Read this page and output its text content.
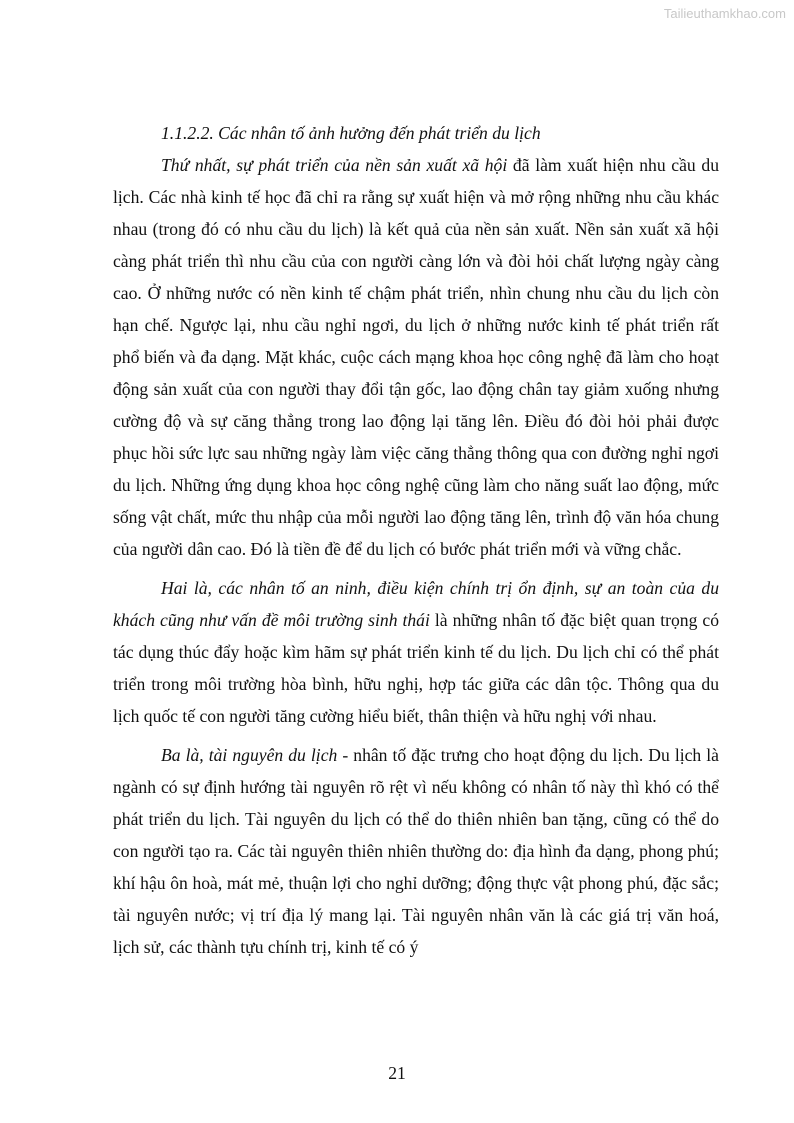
Tailieuthamkhao.com

1.1.2.2. Các nhân tố ảnh hưởng đến phát triển du lịch

Thứ nhất, sự phát triển của nền sản xuất xã hội đã làm xuất hiện nhu cầu du lịch. Các nhà kinh tế học đã chỉ ra rằng sự xuất hiện và mở rộng những nhu cầu khác nhau (trong đó có nhu cầu du lịch) là kết quả của nền sản xuất. Nền sản xuất xã hội càng phát triển thì nhu cầu của con người càng lớn và đòi hỏi chất lượng ngày càng cao. Ở những nước có nền kinh tế chậm phát triển, nhìn chung nhu cầu du lịch còn hạn chế. Ngược lại, nhu cầu nghỉ ngơi, du lịch ở những nước kinh tế phát triển rất phổ biến và đa dạng. Mặt khác, cuộc cách mạng khoa học công nghệ đã làm cho hoạt động sản xuất của con người thay đổi tận gốc, lao động chân tay giảm xuống nhưng cường độ và sự căng thẳng trong lao động lại tăng lên. Điều đó đòi hỏi phải được phục hồi sức lực sau những ngày làm việc căng thẳng thông qua con đường nghỉ ngơi du lịch. Những ứng dụng khoa học công nghệ cũng làm cho năng suất lao động, mức sống vật chất, mức thu nhập của mỗi người lao động tăng lên, trình độ văn hóa chung của người dân cao. Đó là tiền đề để du lịch có bước phát triển mới và vững chắc.

Hai là, các nhân tố an ninh, điều kiện chính trị ổn định, sự an toàn của du khách cũng như vấn đề môi trường sinh thái là những nhân tố đặc biệt quan trọng có tác dụng thúc đẩy hoặc kìm hãm sự phát triển kinh tế du lịch. Du lịch chỉ có thể phát triển trong môi trường hòa bình, hữu nghị, hợp tác giữa các dân tộc. Thông qua du lịch quốc tế con người tăng cường hiểu biết, thân thiện và hữu nghị với nhau.

Ba là, tài nguyên du lịch - nhân tố đặc trưng cho hoạt động du lịch. Du lịch là ngành có sự định hướng tài nguyên rõ rệt vì nếu không có nhân tố này thì khó có thể phát triển du lịch. Tài nguyên du lịch có thể do thiên nhiên ban tặng, cũng có thể do con người tạo ra. Các tài nguyên thiên nhiên thường do: địa hình đa dạng, phong phú; khí hậu ôn hoà, mát mẻ, thuận lợi cho nghỉ dưỡng; động thực vật phong phú, đặc sắc; tài nguyên nước; vị trí địa lý mang lại. Tài nguyên nhân văn là các giá trị văn hoá, lịch sử, các thành tựu chính trị, kinh tế có ý

21
